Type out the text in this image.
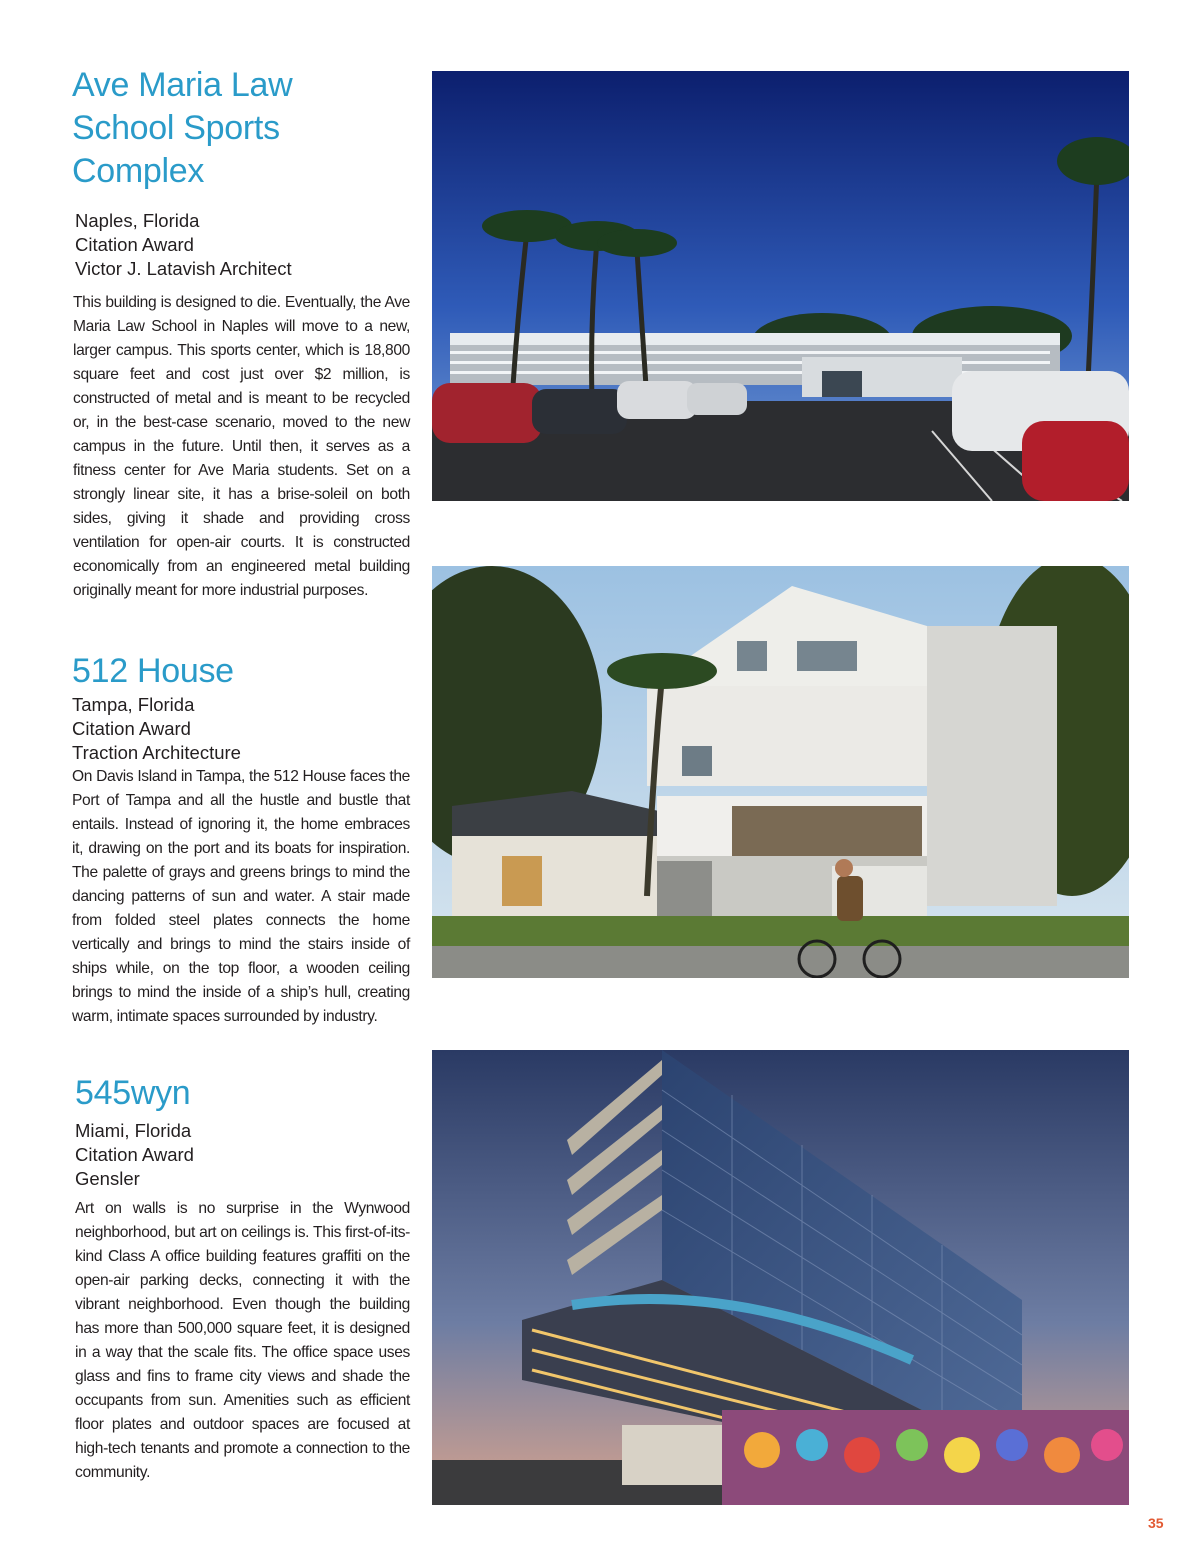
Ave Maria Law
School Sports
Complex

Naples, Florida

Citation Award

Victor J. Latavish Architect

This building is designed to die. Eventually, the Ave Maria Law School in Naples will move to a new, larger campus. This sports center, which is 18,800 square feet and cost just over $2 million, is constructed of metal and is meant to be recycled or, in the best-case scenario, moved to the new campus in the future. Until then, it serves as a fitness center for Ave Maria students. Set on a strongly linear site, it has a brise-soleil on both sides, giving it shade and providing cross ventilation for open-air courts. It is constructed economically from an engineered metal building originally meant for more industrial purposes.

512 House

Tampa, Florida

Citation Award

Traction Architecture

On Davis Island in Tampa, the 512 House faces the Port of Tampa and all the hustle and bustle that entails. Instead of ignoring it, the home embraces it, drawing on the port and its boats for inspiration. The palette of grays and greens brings to mind the dancing patterns of sun and water. A stair made from folded steel plates connects the home vertically and brings to mind the stairs inside of ships while, on the top floor, a wooden ceiling brings to mind the inside of a ship’s hull, creating warm, intimate spaces surrounded by industry.

545wyn

Miami, Florida

Citation Award

Gensler

Art on walls is no surprise in the Wynwood neighborhood, but art on ceilings is. This first-of-its-kind Class A office building features graffiti on the open-air parking decks, connecting it with the vibrant neighborhood. Even though the building has more than 500,000 square feet, it is designed in a way that the scale fits. The office space uses glass and fins to frame city views and shade the occupants from sun. Amenities such as efficient floor plates and outdoor spaces are focused at high-tech tenants and promote a connection to the community.

35
